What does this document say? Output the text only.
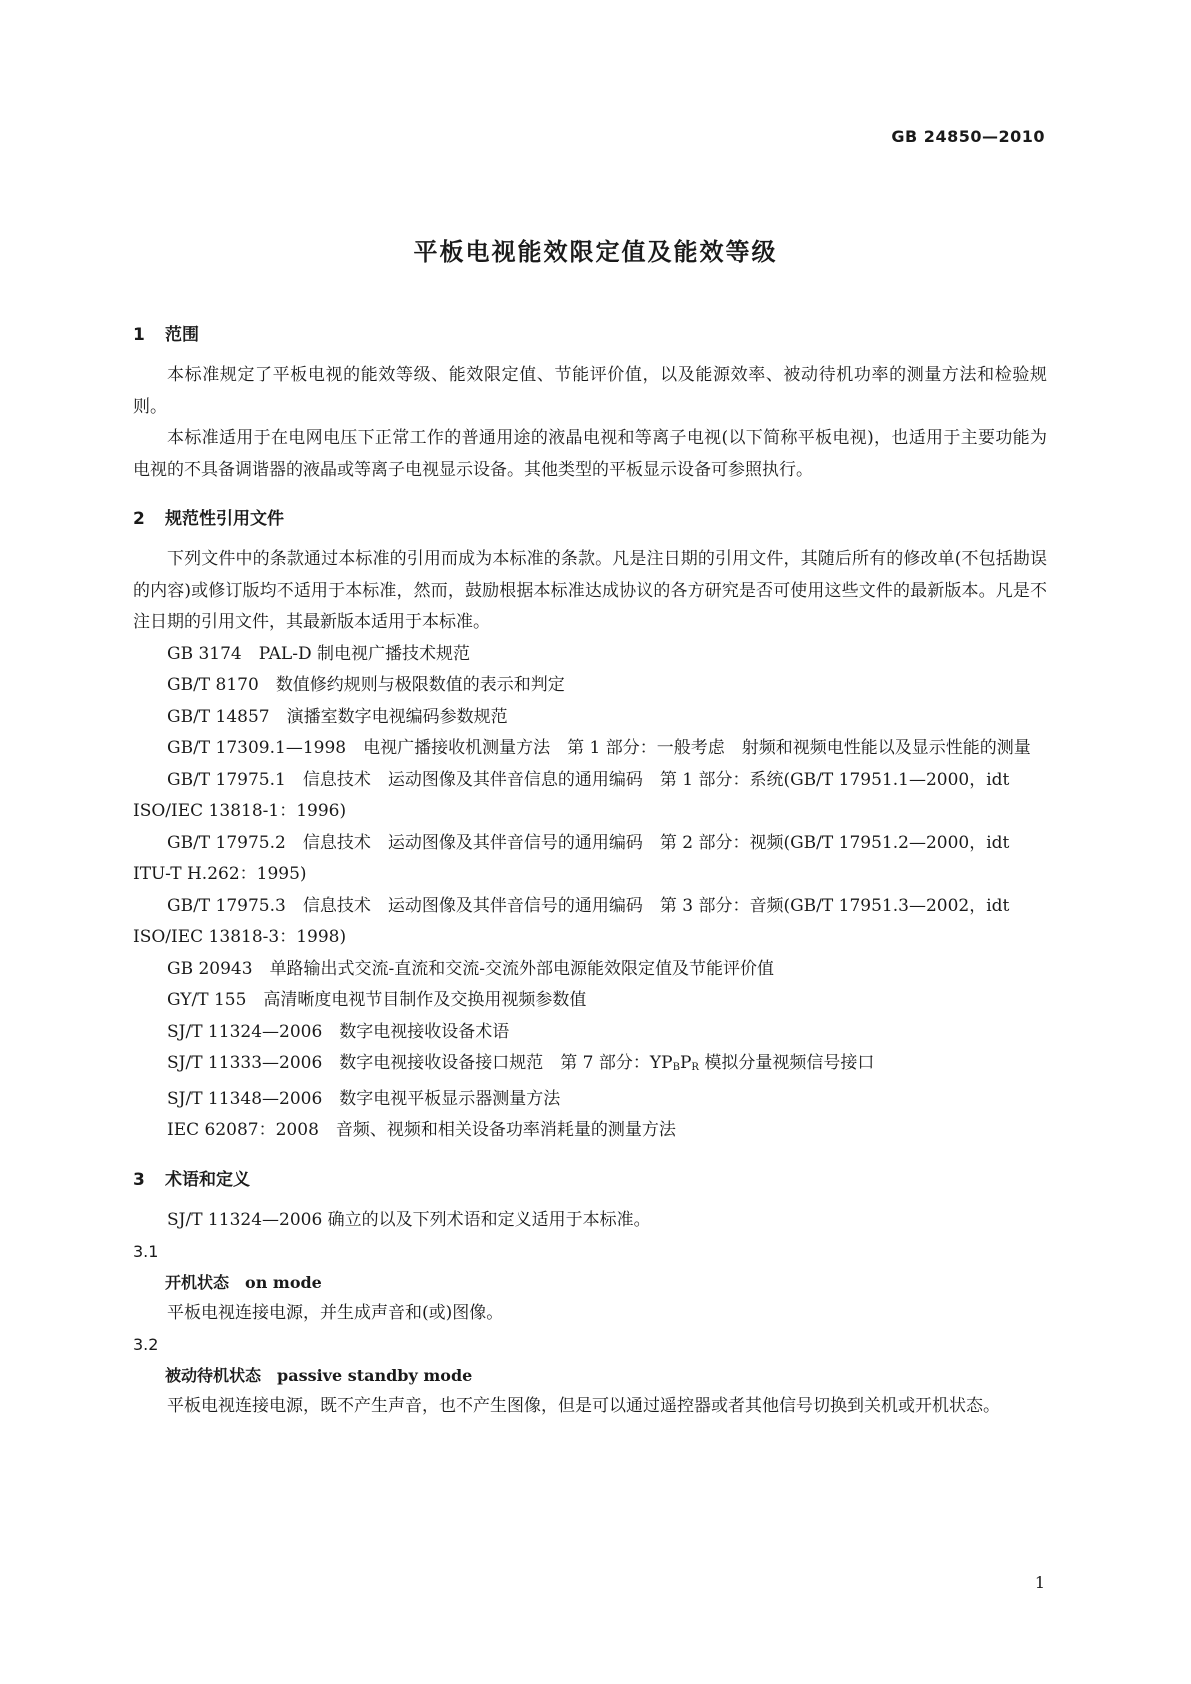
GB 24850—2010
平板电视能效限定值及能效等级
1 范围

本标准规定了平板电视的能效等级、能效限定值、节能评价值，以及能源效率、被动待机功率的测量方法和检验规则。

本标准适用于在电网电压下正常工作的普通用途的液晶电视和等离子电视(以下简称平板电视)，也适用于主要功能为电视的不具备调谐器的液晶或等离子电视显示设备。其他类型的平板显示设备可参照执行。

2 规范性引用文件

下列文件中的条款通过本标准的引用而成为本标准的条款。凡是注日期的引用文件，其随后所有的修改单(不包括勘误的内容)或修订版均不适用于本标准，然而，鼓励根据本标准达成协议的各方研究是否可使用这些文件的最新版本。凡是不注日期的引用文件，其最新版本适用于本标准。

GB 3174 PAL-D 制电视广播技术规范

GB/T 8170 数值修约规则与极限数值的表示和判定

GB/T 14857 演播室数字电视编码参数规范

GB/T 17309.1—1998 电视广播接收机测量方法　第 1 部分：一般考虑　射频和视频电性能以及显示性能的测量

GB/T 17975.1 信息技术　运动图像及其伴音信息的通用编码　第 1 部分：系统(GB/T 17951.1—2000，idt ISO/IEC 13818-1：1996)

GB/T 17975.2 信息技术　运动图像及其伴音信号的通用编码　第 2 部分：视频(GB/T 17951.2—2000，idt ITU-T H.262：1995)

GB/T 17975.3 信息技术　运动图像及其伴音信号的通用编码　第 3 部分：音频(GB/T 17951.3—2002，idt ISO/IEC 13818-3：1998)

GB 20943 单路输出式交流-直流和交流-交流外部电源能效限定值及节能评价值

GY/T 155 高清晰度电视节目制作及交换用视频参数值

SJ/T 11324—2006 数字电视接收设备术语

SJ/T 11333—2006 数字电视接收设备接口规范　第 7 部分：$YP_BP_R$ 模拟分量视频信号接口

SJ/T 11348—2006 数字电视平板显示器测量方法

IEC 62087：2008 音频、视频和相关设备功率消耗量的测量方法

3 术语和定义

SJ/T 11324—2006 确立的以及下列术语和定义适用于本标准。

3.1

开机状态 on mode

平板电视连接电源，并生成声音和(或)图像。

3.2

被动待机状态 passive standby mode

平板电视连接电源，既不产生声音，也不产生图像，但是可以通过遥控器或者其他信号切换到关机或开机状态。

1
